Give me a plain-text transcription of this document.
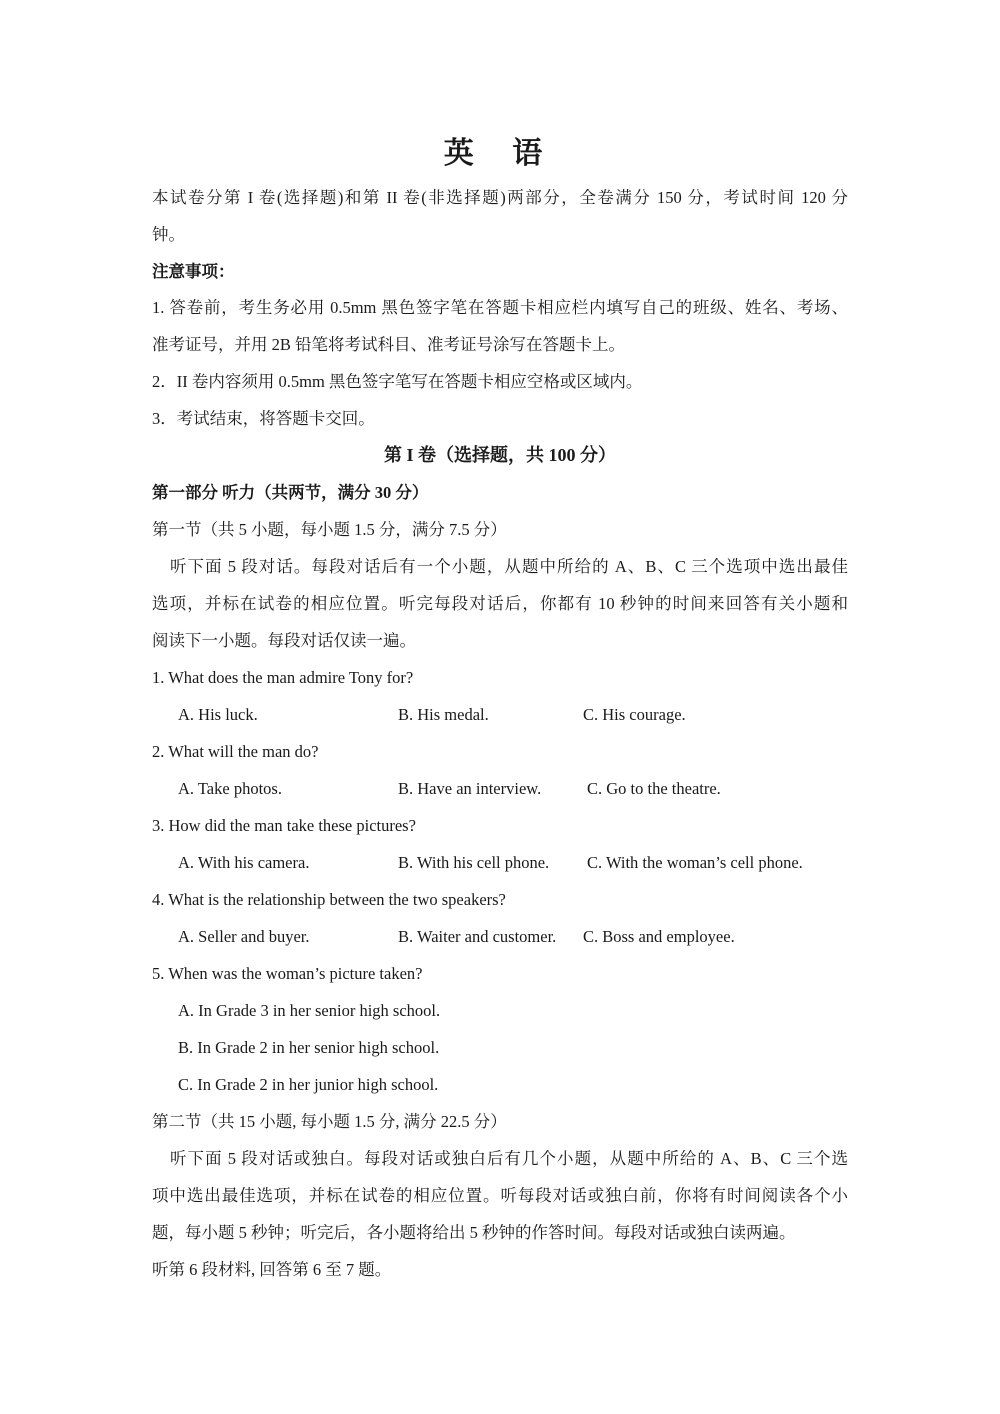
英 语
本试卷分第 I 卷(选择题)和第 II 卷(非选择题)两部分，全卷满分 150 分，考试时间 120 分
钟。
注意事项：
1. 答卷前，考生务必用 0.5mm 黑色签字笔在答题卡相应栏内填写自己的班级、姓名、考场、
准考证号，并用 2B 铅笔将考试科目、准考证号涂写在答题卡上。
2．II 卷内容须用 0.5mm 黑色签字笔写在答题卡相应空格或区域内。
3．考试结束，将答题卡交回。
第 I 卷（选择题，共 100 分）
第一部分 听力（共两节，满分 30 分）
第一节（共 5 小题，每小题 1.5 分，满分 7.5 分）
听下面 5 段对话。每段对话后有一个小题，从题中所给的 A、B、C 三个选项中选出最佳
选项，并标在试卷的相应位置。听完每段对话后，你都有 10 秒钟的时间来回答有关小题和
阅读下一小题。每段对话仅读一遍。
1. What does the man admire Tony for?
A. His luck.	B. His medal.	C. His courage.
2. What will the man do?
A. Take photos.	B. Have an interview.	C. Go to the theatre.
3. How did the man take these pictures?
A. With his camera.	B. With his cell phone. C. With the woman’s cell phone.
4. What is the relationship between the two speakers?
A. Seller and buyer.	B. Waiter and customer. C. Boss and employee.
5. When was the woman’s picture taken?
A. In Grade 3 in her senior high school.
B. In Grade 2 in her senior high school.
C. In Grade 2 in her junior high school.
第二节（共 15 小题, 每小题 1.5 分, 满分 22.5 分）
听下面 5 段对话或独白。每段对话或独白后有几个小题，从题中所给的 A、B、C 三个选
项中选出最佳选项，并标在试卷的相应位置。听每段对话或独白前，你将有时间阅读各个小
题，每小题 5 秒钟；听完后，各小题将给出 5 秒钟的作答时间。每段对话或独白读两遍。
听第 6 段材料, 回答第 6 至 7 题。
